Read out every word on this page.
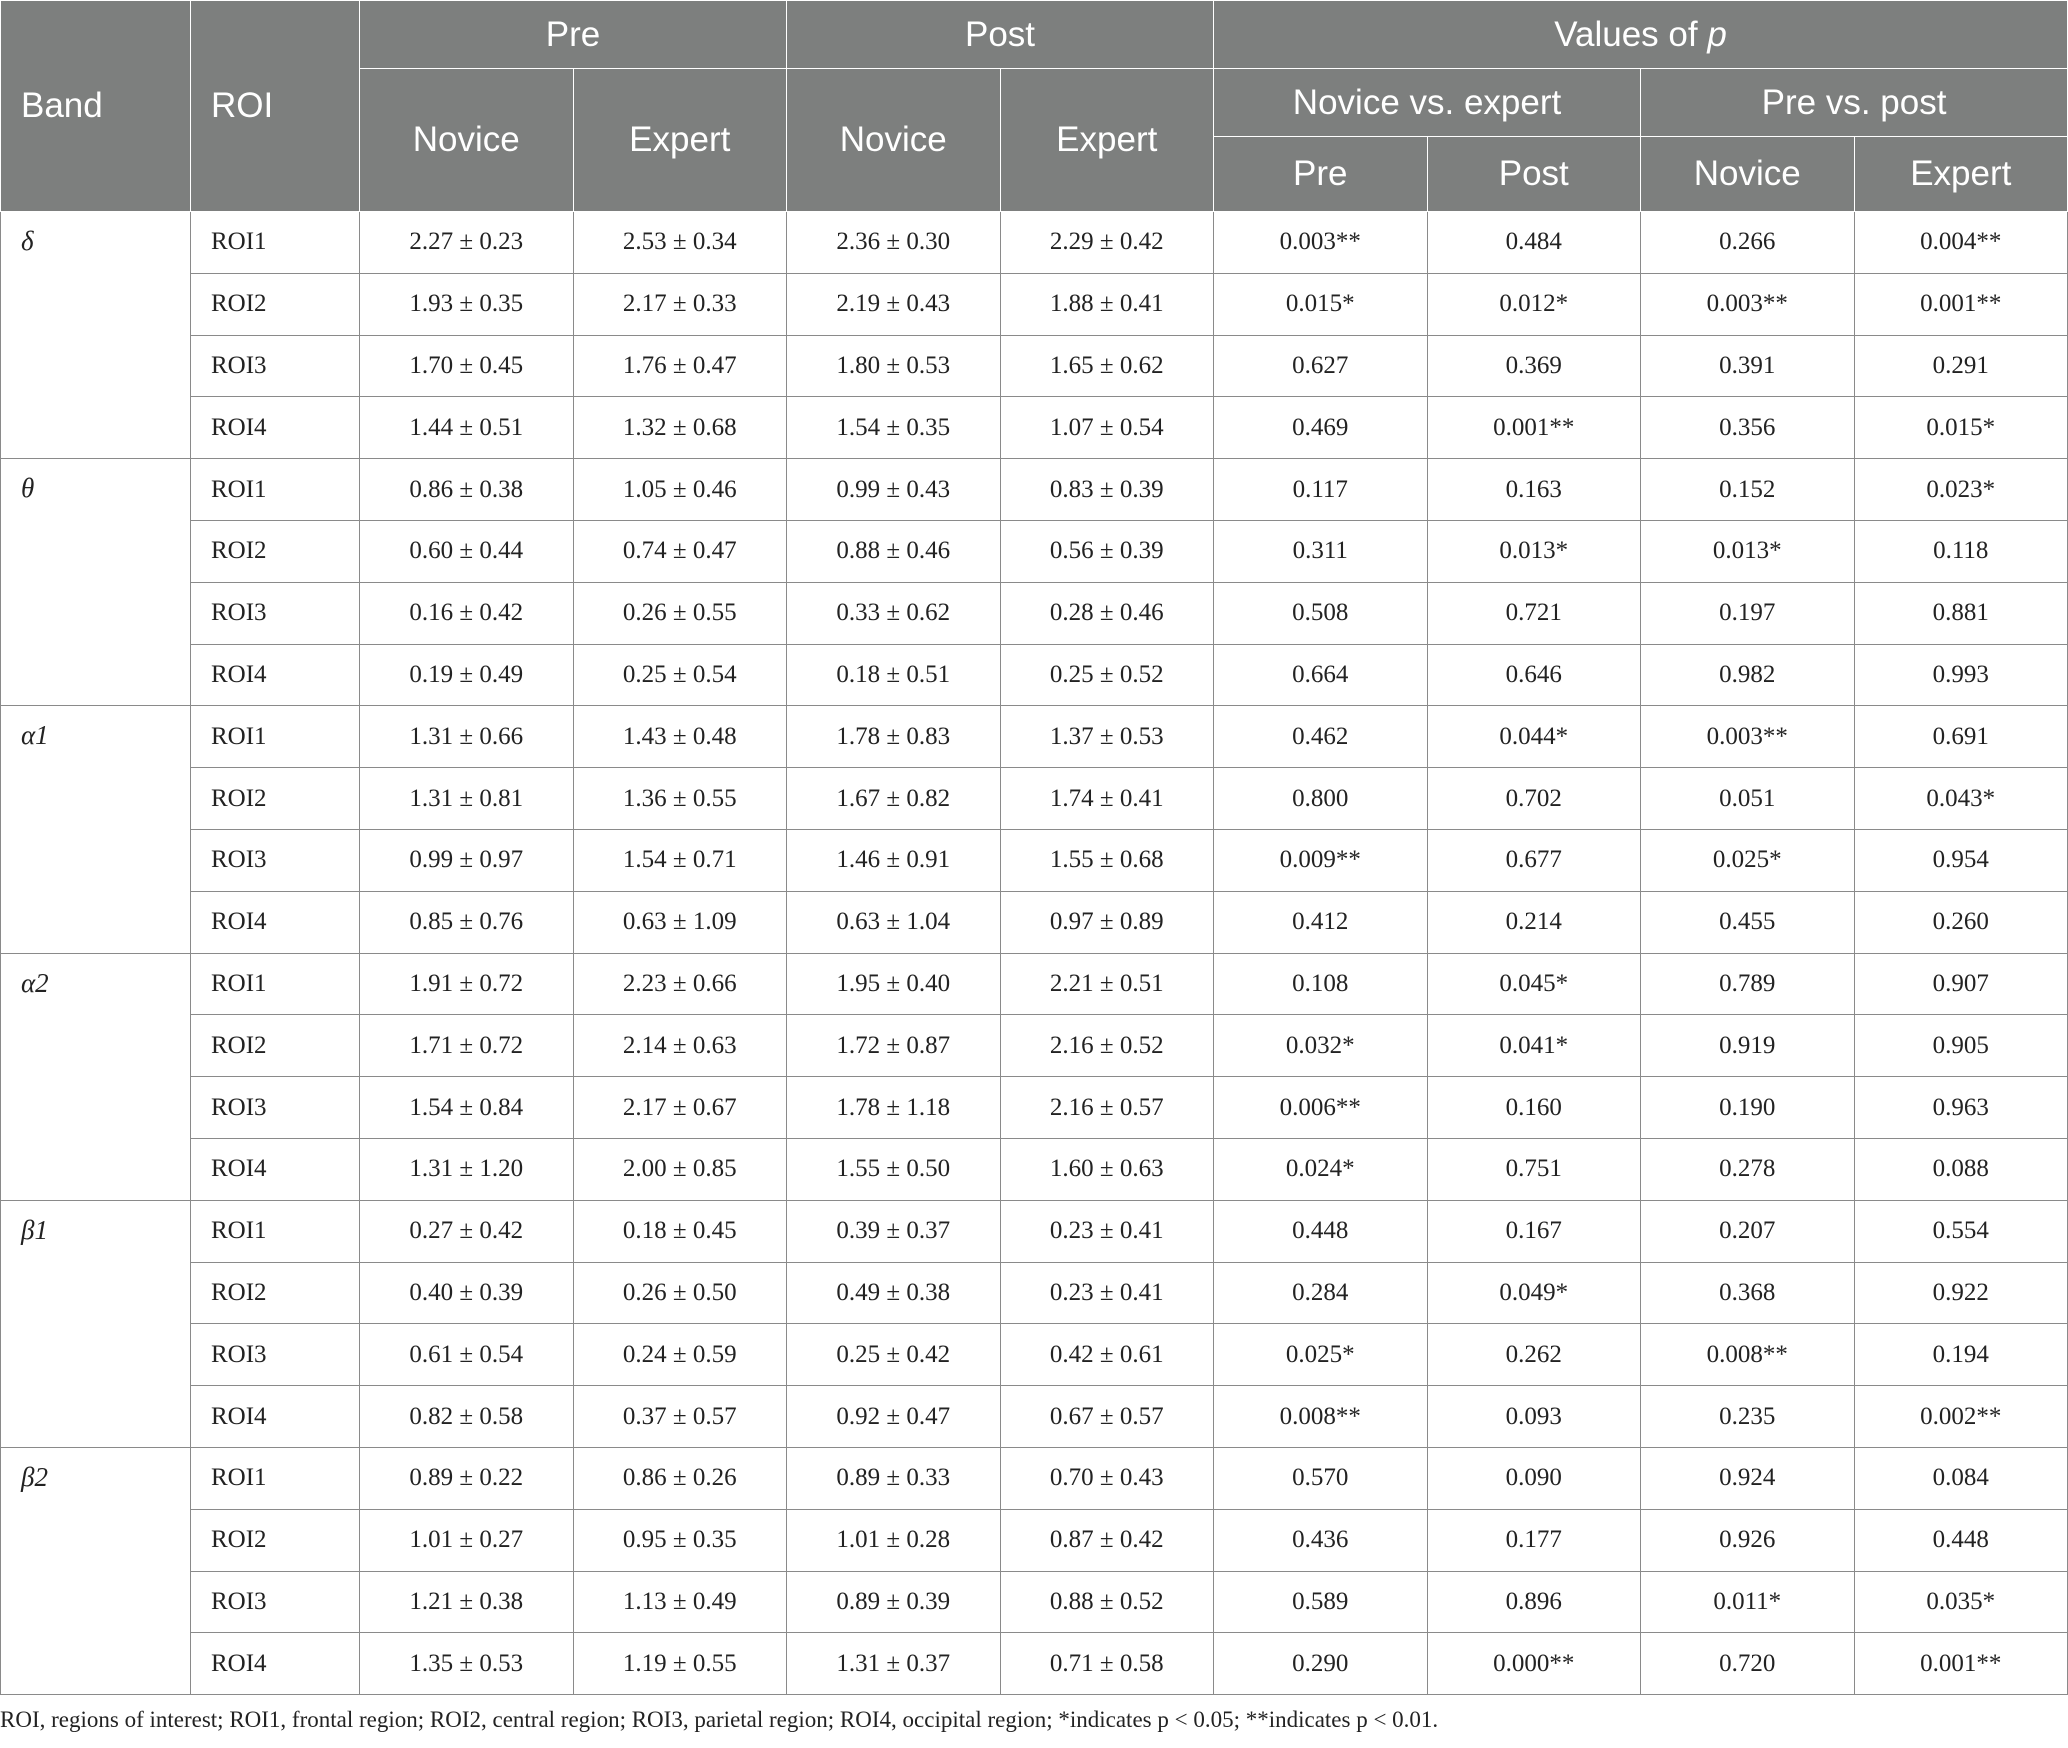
Band	ROI	Pre		Post		Values of p			
		Novice	Expert	Novice	Expert	Novice vs. expert		Pre vs. post	
						Pre	Post	Novice	Expert
δ	ROI1	2.27 ± 0.23	2.53 ± 0.34	2.36 ± 0.30	2.29 ± 0.42	0.003**	0.484	0.266	0.004**
	ROI2	1.93 ± 0.35	2.17 ± 0.33	2.19 ± 0.43	1.88 ± 0.41	0.015*	0.012*	0.003**	0.001**
	ROI3	1.70 ± 0.45	1.76 ± 0.47	1.80 ± 0.53	1.65 ± 0.62	0.627	0.369	0.391	0.291
	ROI4	1.44 ± 0.51	1.32 ± 0.68	1.54 ± 0.35	1.07 ± 0.54	0.469	0.001**	0.356	0.015*
θ	ROI1	0.86 ± 0.38	1.05 ± 0.46	0.99 ± 0.43	0.83 ± 0.39	0.117	0.163	0.152	0.023*
	ROI2	0.60 ± 0.44	0.74 ± 0.47	0.88 ± 0.46	0.56 ± 0.39	0.311	0.013*	0.013*	0.118
	ROI3	0.16 ± 0.42	0.26 ± 0.55	0.33 ± 0.62	0.28 ± 0.46	0.508	0.721	0.197	0.881
	ROI4	0.19 ± 0.49	0.25 ± 0.54	0.18 ± 0.51	0.25 ± 0.52	0.664	0.646	0.982	0.993
α1	ROI1	1.31 ± 0.66	1.43 ± 0.48	1.78 ± 0.83	1.37 ± 0.53	0.462	0.044*	0.003**	0.691
	ROI2	1.31 ± 0.81	1.36 ± 0.55	1.67 ± 0.82	1.74 ± 0.41	0.800	0.702	0.051	0.043*
	ROI3	0.99 ± 0.97	1.54 ± 0.71	1.46 ± 0.91	1.55 ± 0.68	0.009**	0.677	0.025*	0.954
	ROI4	0.85 ± 0.76	0.63 ± 1.09	0.63 ± 1.04	0.97 ± 0.89	0.412	0.214	0.455	0.260
α2	ROI1	1.91 ± 0.72	2.23 ± 0.66	1.95 ± 0.40	2.21 ± 0.51	0.108	0.045*	0.789	0.907
	ROI2	1.71 ± 0.72	2.14 ± 0.63	1.72 ± 0.87	2.16 ± 0.52	0.032*	0.041*	0.919	0.905
	ROI3	1.54 ± 0.84	2.17 ± 0.67	1.78 ± 1.18	2.16 ± 0.57	0.006**	0.160	0.190	0.963
	ROI4	1.31 ± 1.20	2.00 ± 0.85	1.55 ± 0.50	1.60 ± 0.63	0.024*	0.751	0.278	0.088
β1	ROI1	0.27 ± 0.42	0.18 ± 0.45	0.39 ± 0.37	0.23 ± 0.41	0.448	0.167	0.207	0.554
	ROI2	0.40 ± 0.39	0.26 ± 0.50	0.49 ± 0.38	0.23 ± 0.41	0.284	0.049*	0.368	0.922
	ROI3	0.61 ± 0.54	0.24 ± 0.59	0.25 ± 0.42	0.42 ± 0.61	0.025*	0.262	0.008**	0.194
	ROI4	0.82 ± 0.58	0.37 ± 0.57	0.92 ± 0.47	0.67 ± 0.57	0.008**	0.093	0.235	0.002**
β2	ROI1	0.89 ± 0.22	0.86 ± 0.26	0.89 ± 0.33	0.70 ± 0.43	0.570	0.090	0.924	0.084
	ROI2	1.01 ± 0.27	0.95 ± 0.35	1.01 ± 0.28	0.87 ± 0.42	0.436	0.177	0.926	0.448
	ROI3	1.21 ± 0.38	1.13 ± 0.49	0.89 ± 0.39	0.88 ± 0.52	0.589	0.896	0.011*	0.035*
	ROI4	1.35 ± 0.53	1.19 ± 0.55	1.31 ± 0.37	0.71 ± 0.58	0.290	0.000**	0.720	0.001**
ROI, regions of interest; ROI1, frontal region; ROI2, central region; ROI3, parietal region; ROI4, occipital region; *indicates p < 0.05; **indicates p < 0.01.
